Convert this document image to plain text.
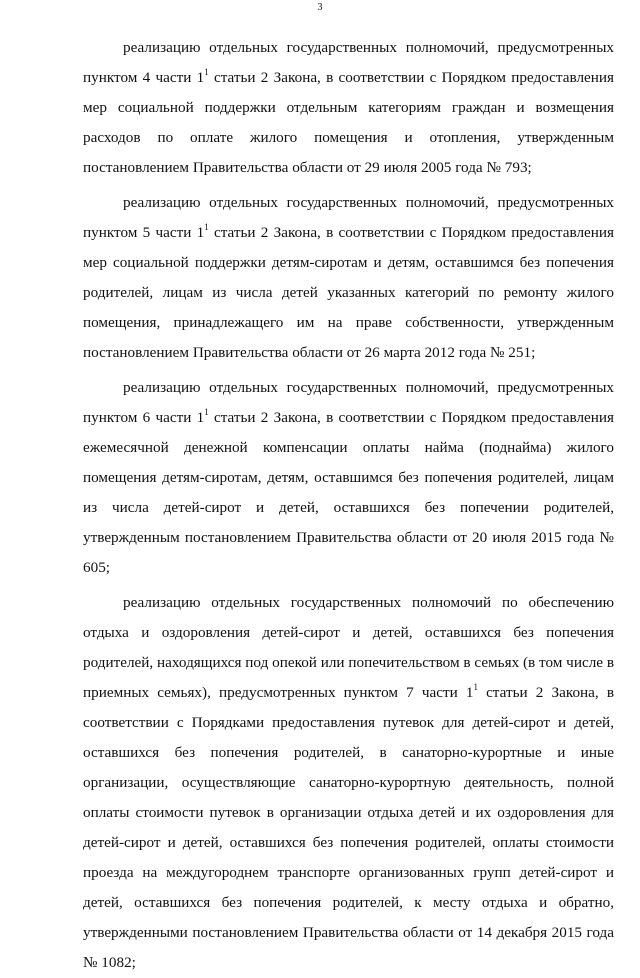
3

реализацию отдельных государственных полномочий, предусмотренных пунктом 4 части $1^1$ статьи 2 Закона, в соответствии с Порядком предоставления мер социальной поддержки отдельным категориям граждан и возмещения расходов по оплате жилого помещения и отопления, утвержденным постановлением Правительства области от 29 июля 2005 года № 793;

реализацию отдельных государственных полномочий, предусмотренных пунктом 5 части $1^1$ статьи 2 Закона, в соответствии с Порядком предоставления мер социальной поддержки детям-сиротам и детям, оставшимся без попечения родителей, лицам из числа детей указанных категорий по ремонту жилого помещения, принадлежащего им на праве собственности, утвержденным постановлением Правительства области от 26 марта 2012 года № 251;

реализацию отдельных государственных полномочий, предусмотренных пунктом 6 части $1^1$ статьи 2 Закона, в соответствии с Порядком предоставления ежемесячной денежной компенсации оплаты найма (поднайма) жилого помещения детям-сиротам, детям, оставшимся без попечения родителей, лицам из числа детей-сирот и детей, оставшихся без попечении родителей, утвержденным постановлением Правительства области от 20 июля 2015 года № 605;

реализацию отдельных государственных полномочий по обеспечению отдыха и оздоровления детей-сирот и детей, оставшихся без попечения родителей, находящихся под опекой или попечительством в семьях (в том числе в приемных семьях), предусмотренных пунктом 7 части $1^1$ статьи 2 Закона, в соответствии с Порядками предоставления путевок для детей-сирот и детей, оставшихся без попечения родителей, в санаторно-курортные и иные организации, осуществляющие санаторно-курортную деятельность, полной оплаты стоимости путевок в организации отдыха детей и их оздоровления для детей-сирот и детей, оставшихся без попечения родителей, оплаты стоимости проезда на междугороднем транспорте организованных групп детей-сирот и детей, оставшихся без попечения родителей, к месту отдыха и обратно, утвержденными постановлением Правительства области от 14 декабря 2015 года № 1082;
